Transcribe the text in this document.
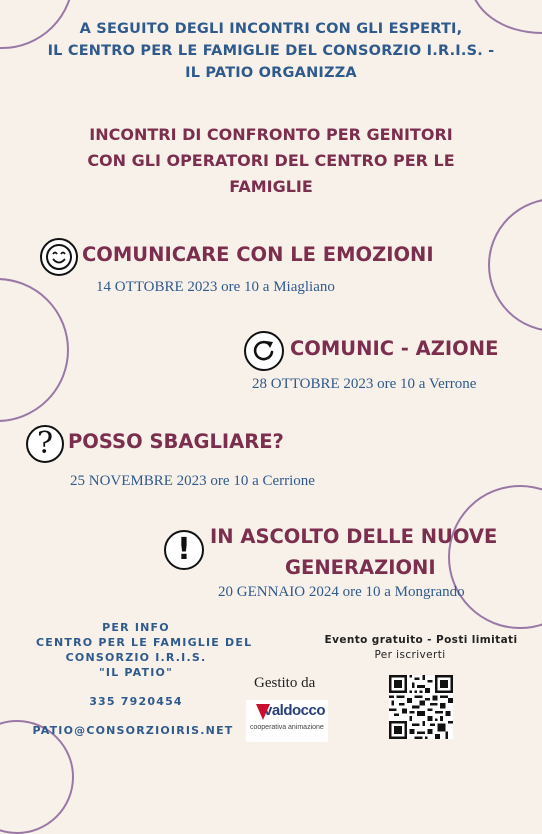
A SEGUITO DEGLI INCONTRI CON GLI ESPERTI,
IL CENTRO PER LE FAMIGLIE DEL CONSORZIO I.R.I.S. -
IL PATIO ORGANIZZA
INCONTRI DI CONFRONTO PER GENITORI
CON GLI OPERATORI DEL CENTRO PER LE
FAMIGLIE
COMUNICARE CON LE EMOZIONI
14 OTTOBRE 2023 ore 10 a Miagliano
COMUNIC - AZIONE
28 OTTOBRE 2023 ore 10 a Verrone
? POSSO SBAGLIARE?
25 NOVEMBRE 2023 ore 10 a Cerrione
! IN ASCOLTO DELLE NUOVE
GENERAZIONI
20 GENNAIO 2024 ore 10 a Mongrando
PER INFO
CENTRO PER LE FAMIGLIE DEL
CONSORZIO I.R.I.S.
"IL PATIO"
335 7920454
PATIO@CONSORZIOIRIS.NET
Gestito da
valdocco
cooperativa animazione
Evento gratuito - Posti limitati
Per iscriverti
